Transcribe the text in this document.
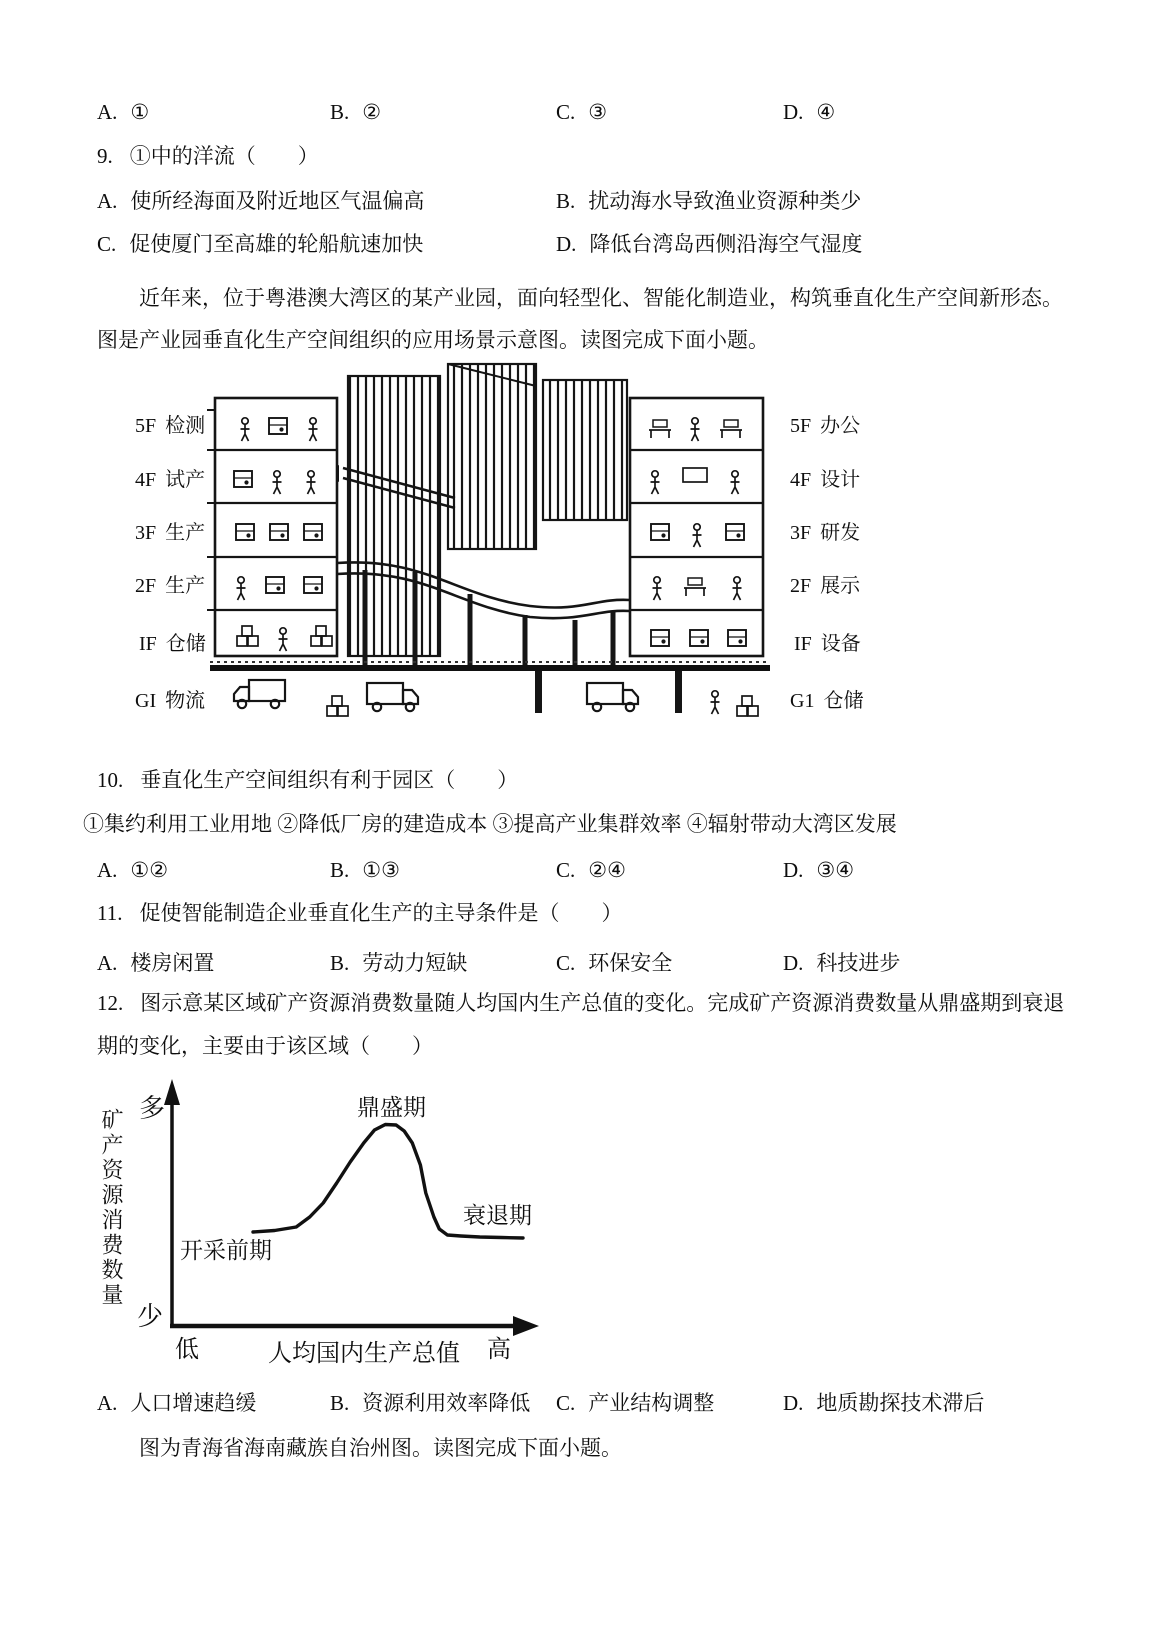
A. ①	B. ②	C. ③	D. ④
9. ①中的洋流（　　）
A. 使所经海面及附近地区气温偏高	B. 扰动海水导致渔业资源种类少
C. 促使厦门至高雄的轮船航速加快	D. 降低台湾岛西侧沿海空气湿度
近年来，位于粤港澳大湾区的某产业园，面向轻型化、智能化制造业，构筑垂直化生产空间新形态。
图是产业园垂直化生产空间组织的应用场景示意图。读图完成下面小题。
5F 检测
4F 试产
3F 生产
2F 生产
IF 仓储
GI 物流
5F 办公
4F 设计
3F 研发
2F 展示
IF 设备
G1 仓储
10. 垂直化生产空间组织有利于园区（　　）
①集约利用工业用地 ②降低厂房的建造成本 ③提高产业集群效率 ④辐射带动大湾区发展
A. ①②	B. ①③	C. ②④	D. ③④
11. 促使智能制造企业垂直化生产的主导条件是（　　）
A. 楼房闲置	B. 劳动力短缺	C. 环保安全	D. 科技进步
12. 图示意某区域矿产资源消费数量随人均国内生产总值的变化。完成矿产资源消费数量从鼎盛期到衰退
期的变化，主要由于该区域（　　）
多
少
低	人均国内生产总值 高
开采前期
鼎盛期
衰退期
矿产资源消费数量
A. 人口增速趋缓	B. 资源利用效率降低 C. 产业结构调整	D. 地质勘探技术滞后
图为青海省海南藏族自治州图。读图完成下面小题。
